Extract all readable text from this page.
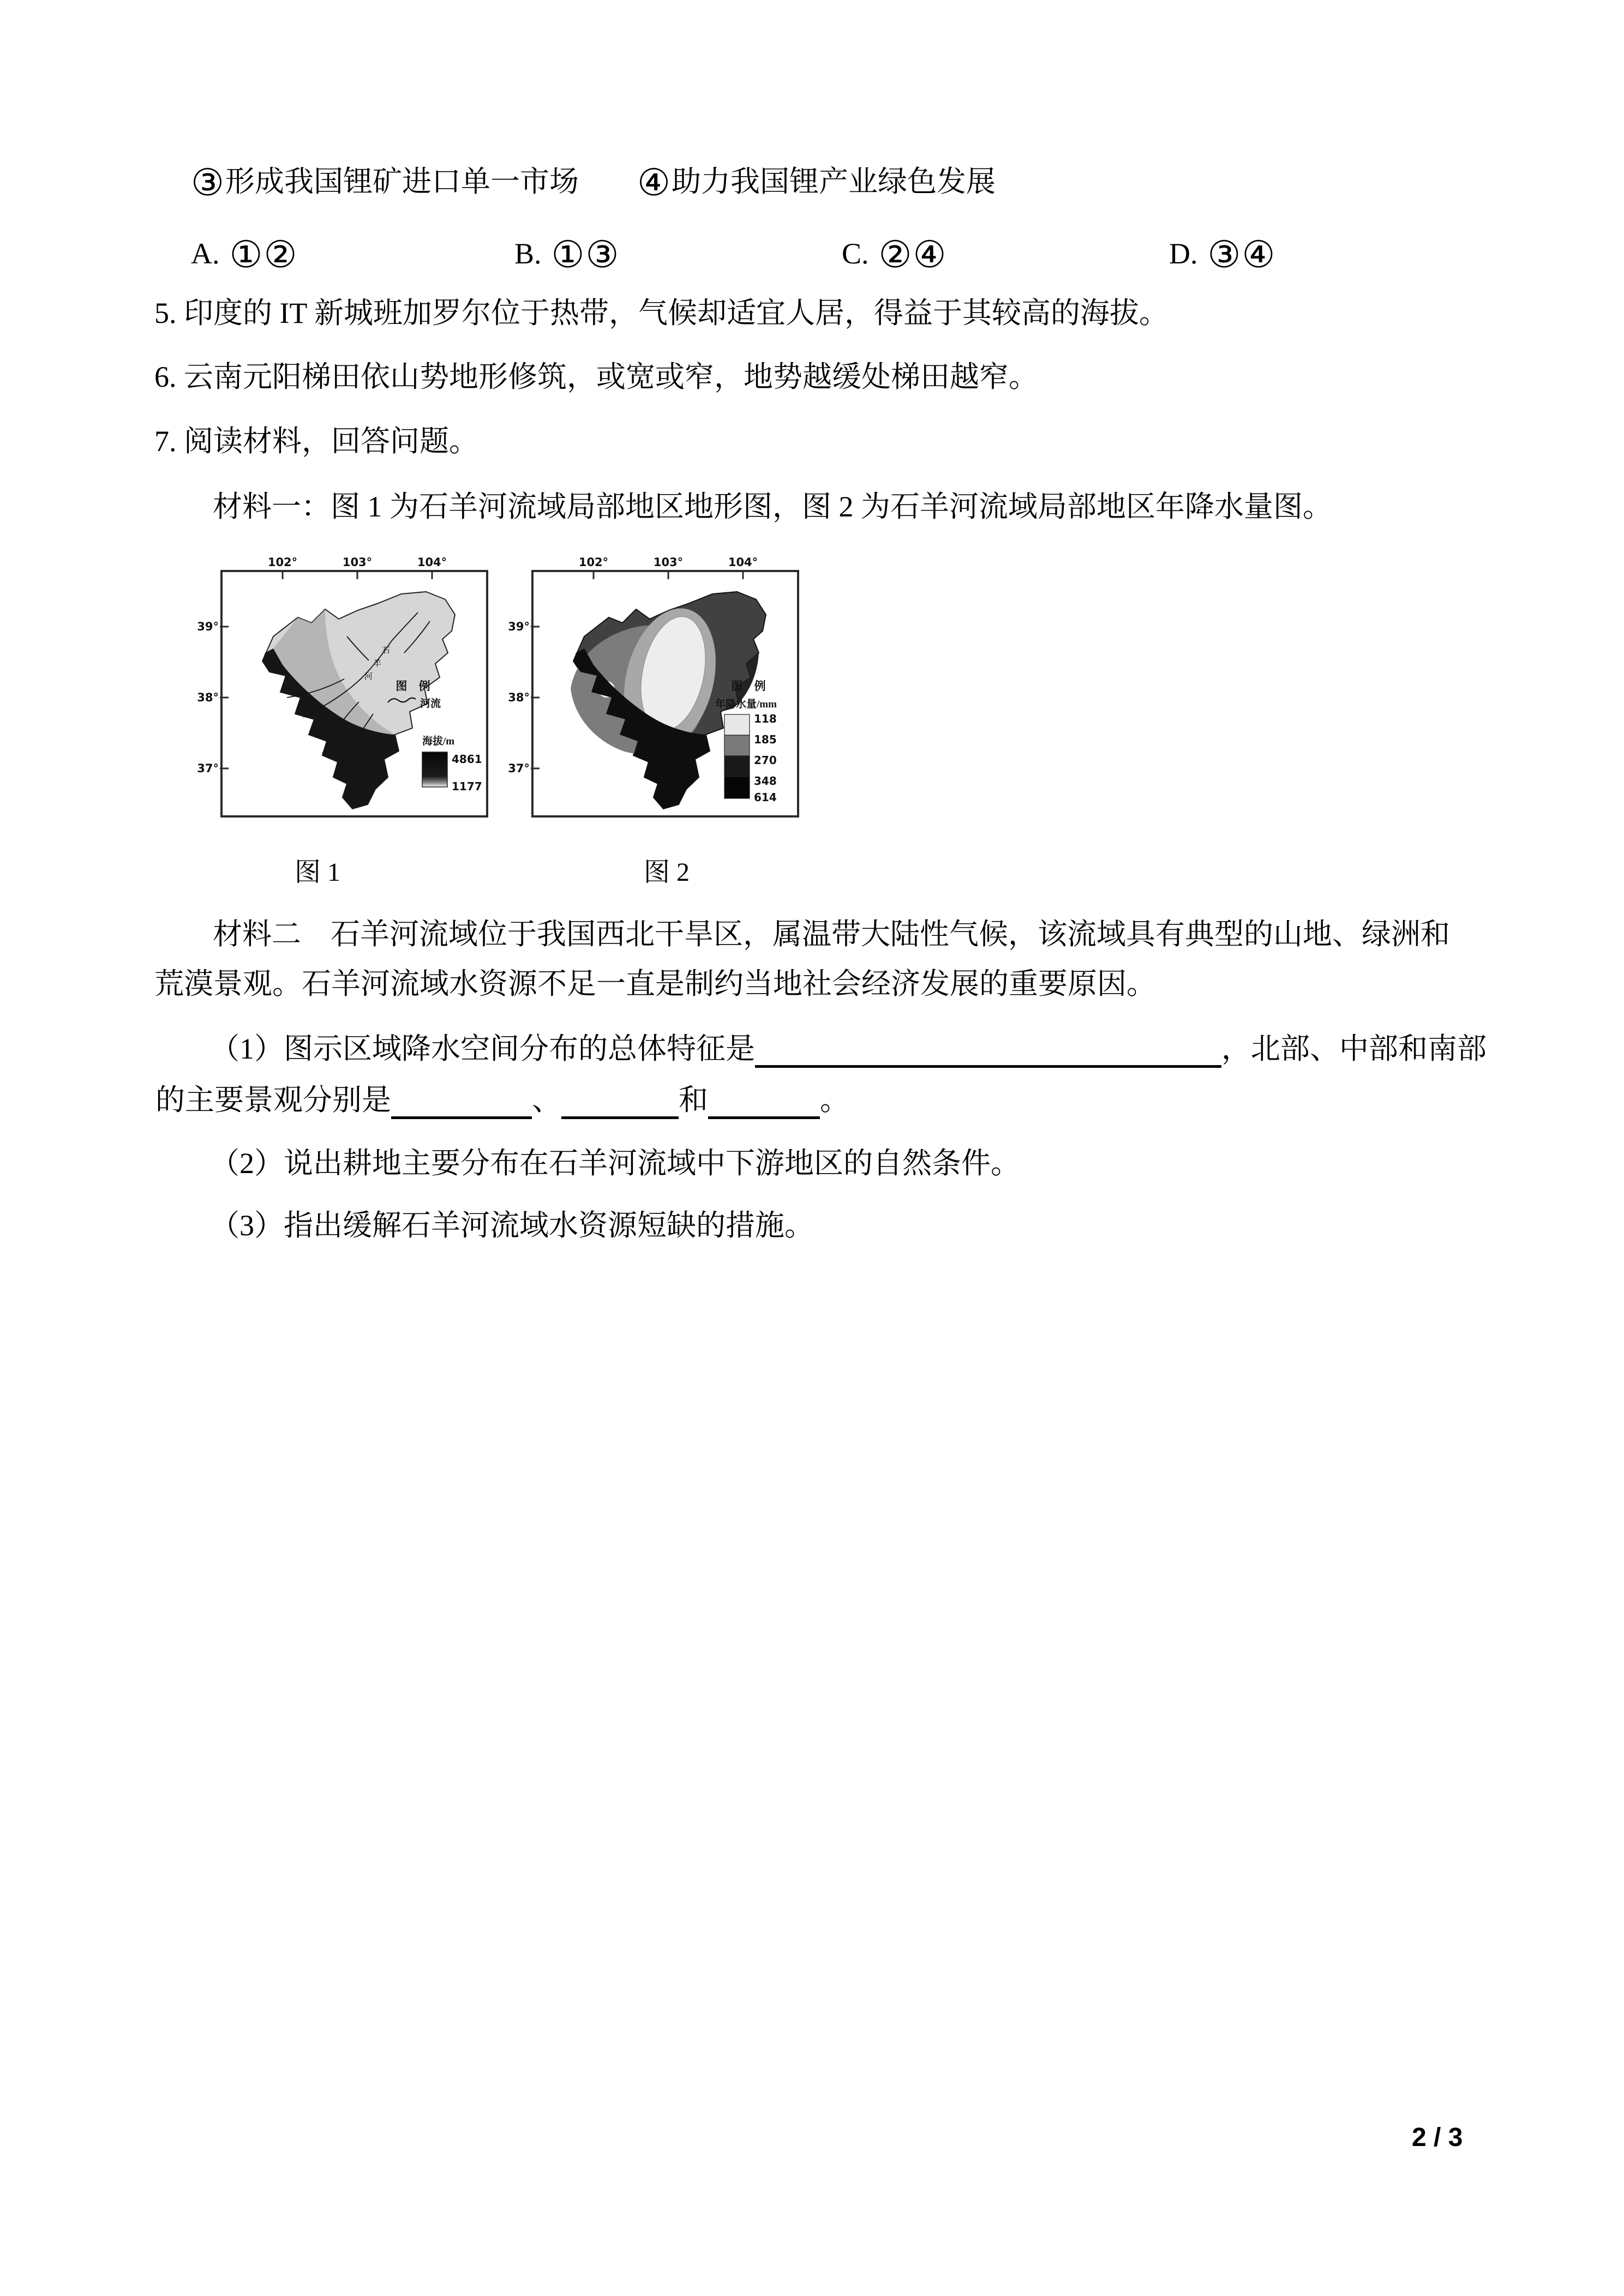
③形成我国锂矿进口单一市场 ④助力我国锂产业绿色发展
A. ①②	B. ①③	C. ②④	D. ③④
5. 印度的 IT 新城班加罗尔位于热带，气候却适宜人居，得益于其较高的海拔。
6. 云南元阳梯田依山势地形修筑，或宽或窄，地势越缓处梯田越窄。
7. 阅读材料，回答问题。
材料一：图 1 为石羊河流域局部地区地形图，图 2 为石羊河流域局部地区年降水量图。
102°	103°	104°
39°
38°
37°
石
羊
河
图 例
河流
海拔/m
4861
1177
102°	103°	104°
39°
38°
37°
图 例
年降水量/mm
118
185
270
348
614
图 1	图 2
材料二　石羊河流域位于我国西北干旱区，属温带大陆性气候，该流域具有典型的山地、绿洲和
荒漠景观。石羊河流域水资源不足一直是制约当地社会经济发展的重要原因。
（1）图示区域降水空间分布的总体特征是	，北部、中部和南部
的主要景观分别是	、	和	。
（2）说出耕地主要分布在石羊河流域中下游地区的自然条件。
（3）指出缓解石羊河流域水资源短缺的措施。
2 / 3
